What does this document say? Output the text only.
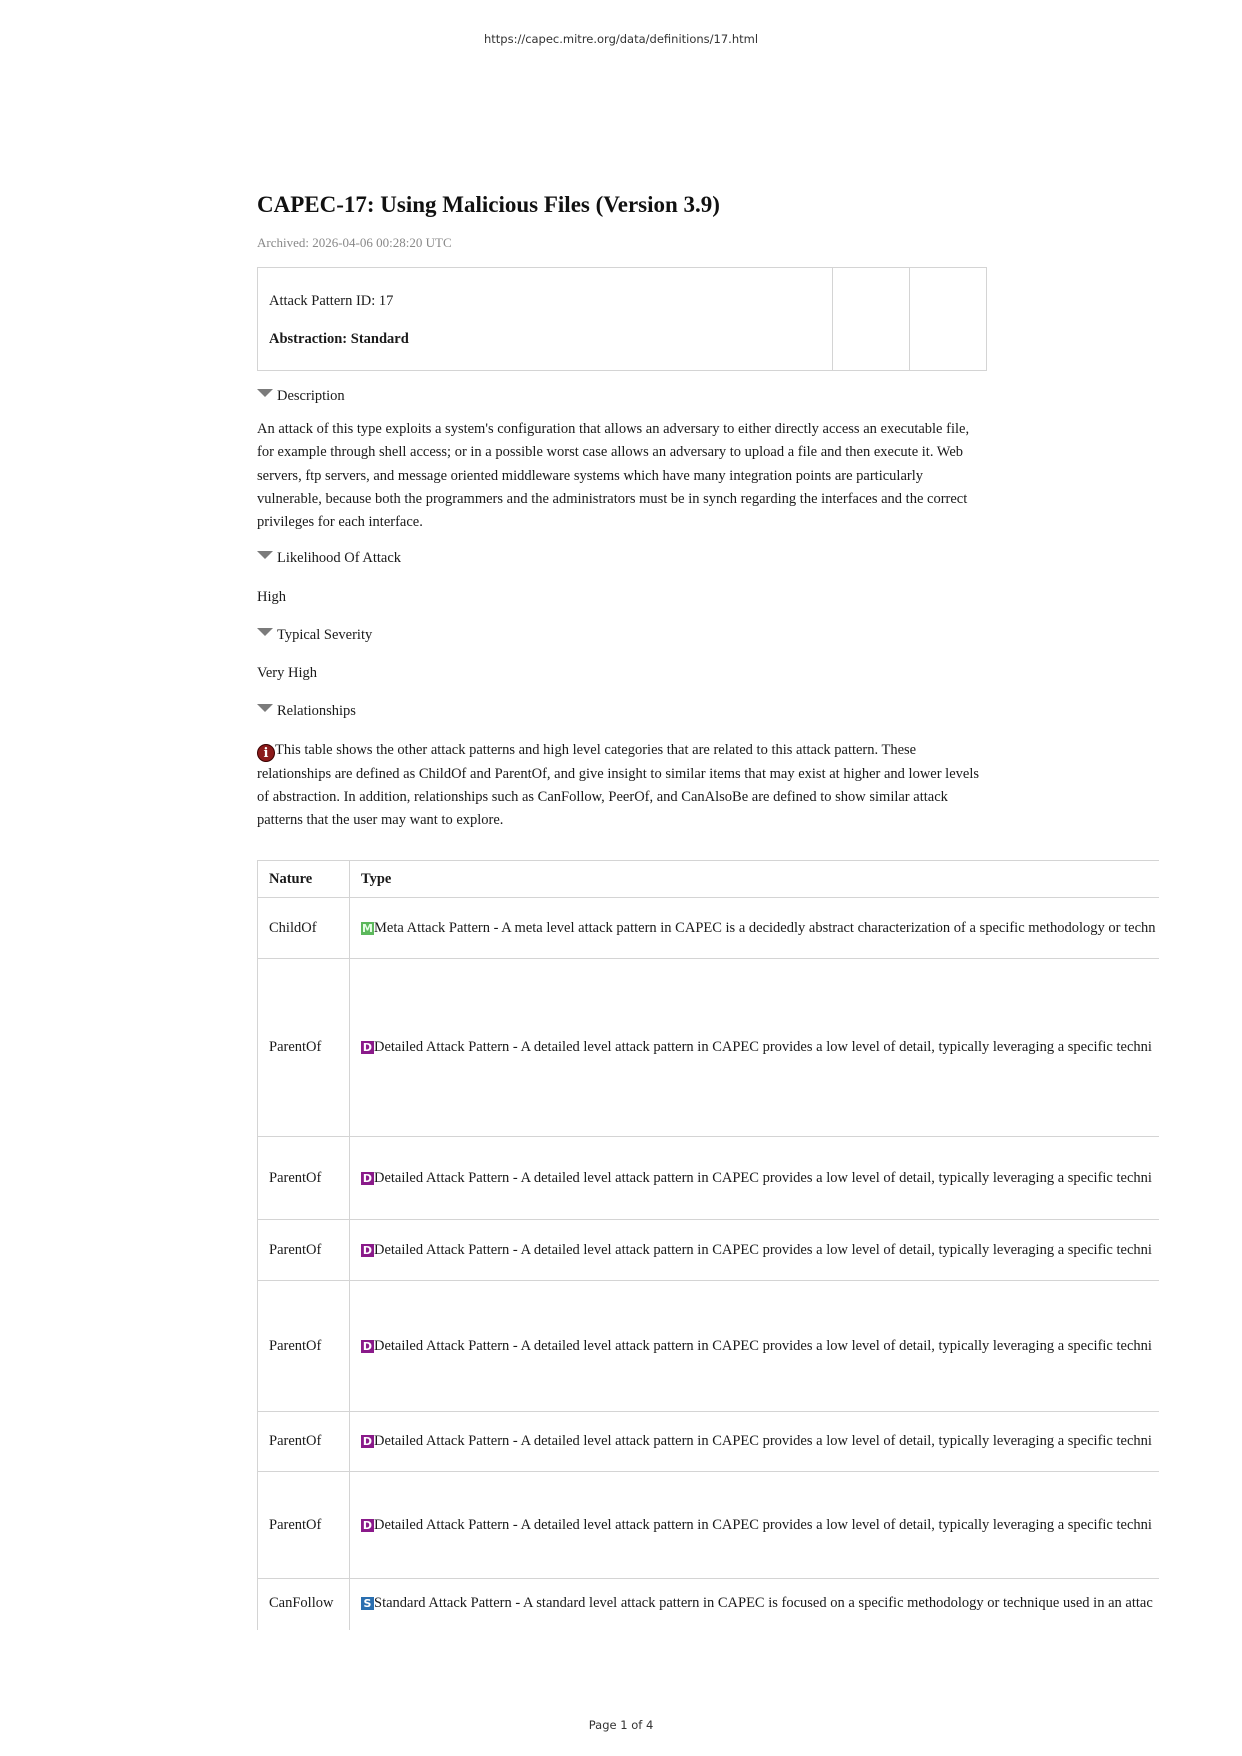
https://capec.mitre.org/data/definitions/17.html
CAPEC-17: Using Malicious Files (Version 3.9)
Archived: 2026-04-06 00:28:20 UTC
Attack Pattern ID: 17
Abstraction: Standard
Description

An attack of this type exploits a system's configuration that allows an adversary to either directly access an executable file, for example through shell access; or in a possible worst case allows an adversary to upload a file and then execute it. Web servers, ftp servers, and message oriented middleware systems which have many integration points are particularly vulnerable, because both the programmers and the administrators must be in synch regarding the interfaces and the correct privileges for each interface.

Likelihood Of Attack
High
Typical Severity
Very High
Relationships

i This table shows the other attack patterns and high level categories that are related to this attack pattern. These relationships are defined as ChildOf and ParentOf, and give insight to similar items that may exist at higher and lower levels of abstraction. In addition, relationships such as CanFollow, PeerOf, and CanAlsoBe are defined to show similar attack patterns that the user may want to explore.

Nature	Type
ChildOf	MMeta Attack Pattern - A meta level attack pattern in CAPEC is a decidedly abstract characterization of a specific methodology or techn
ParentOf	D Detailed Attack Pattern - A detailed level attack pattern in CAPEC provides a low level of detail, typically leveraging a specific techni
ParentOf	D Detailed Attack Pattern - A detailed level attack pattern in CAPEC provides a low level of detail, typically leveraging a specific techni
ParentOf	D Detailed Attack Pattern - A detailed level attack pattern in CAPEC provides a low level of detail, typically leveraging a specific techni
ParentOf	D Detailed Attack Pattern - A detailed level attack pattern in CAPEC provides a low level of detail, typically leveraging a specific techni
ParentOf	D Detailed Attack Pattern - A detailed level attack pattern in CAPEC provides a low level of detail, typically leveraging a specific techni
ParentOf	D Detailed Attack Pattern - A detailed level attack pattern in CAPEC provides a low level of detail, typically leveraging a specific techni
CanFollow	S Standard Attack Pattern - A standard level attack pattern in CAPEC is focused on a specific methodology or technique used in an attac
Page 1 of 4
